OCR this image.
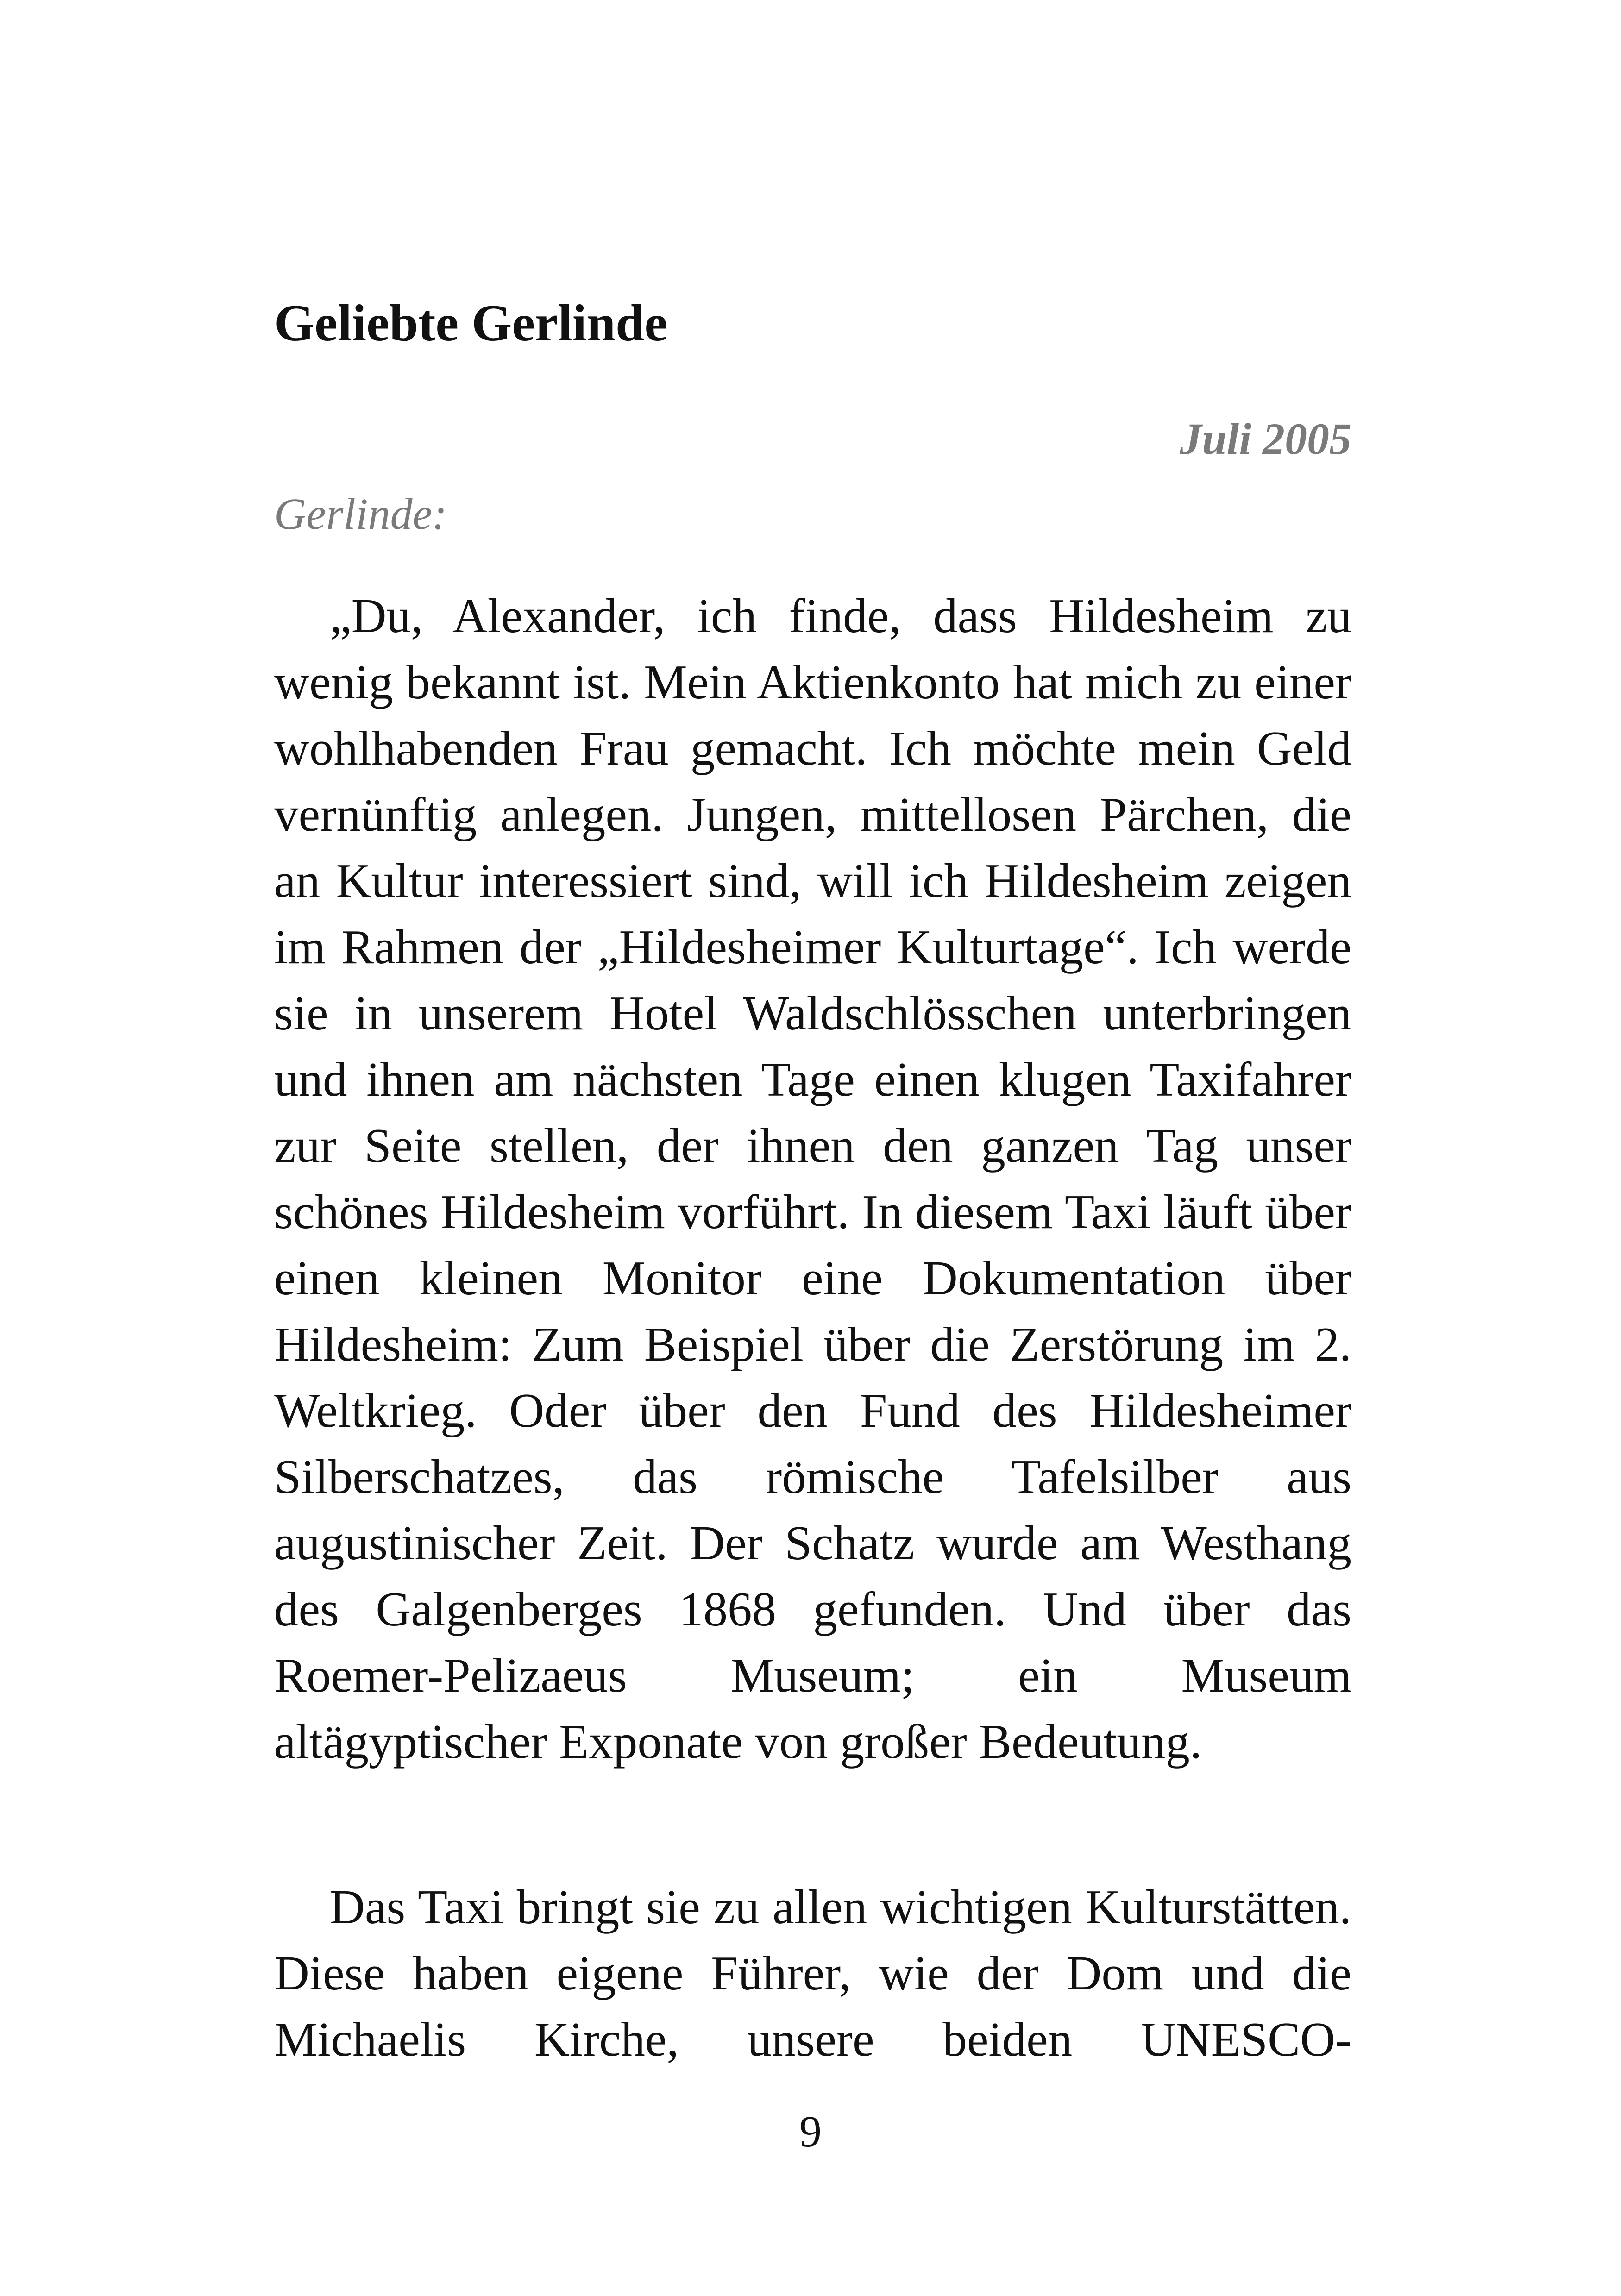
Geliebte Gerlinde
Juli 2005
Gerlinde:

„Du, Alexander, ich finde, dass Hildesheim zu wenig bekannt ist. Mein Aktienkonto hat mich zu einer wohlhabenden Frau gemacht. Ich möchte mein Geld vernünftig anlegen. Jungen, mittellosen Pärchen, die an Kultur interessiert sind, will ich Hildesheim zeigen im Rahmen der „Hildesheimer Kulturtage“. Ich werde sie in unserem Hotel Waldschlösschen unterbringen und ihnen am nächsten Tage einen klugen Taxifahrer zur Seite stellen, der ihnen den ganzen Tag unser schönes Hildesheim vorführt. In diesem Taxi läuft über einen kleinen Monitor eine Dokumentation über Hildesheim: Zum Beispiel über die Zerstörung im 2. Weltkrieg. Oder über den Fund des Hildesheimer Silberschatzes, das römische Tafelsilber aus augustinischer Zeit. Der Schatz wurde am Westhang des Galgenberges 1868 gefunden. Und über das Roemer-Pelizaeus Museum; ein Museum altägyptischer Exponate von großer Bedeutung.

Das Taxi bringt sie zu allen wichtigen Kulturstätten. Diese haben eigene Führer, wie der Dom und die Michaelis Kirche, unsere beiden UNESCO-

9
